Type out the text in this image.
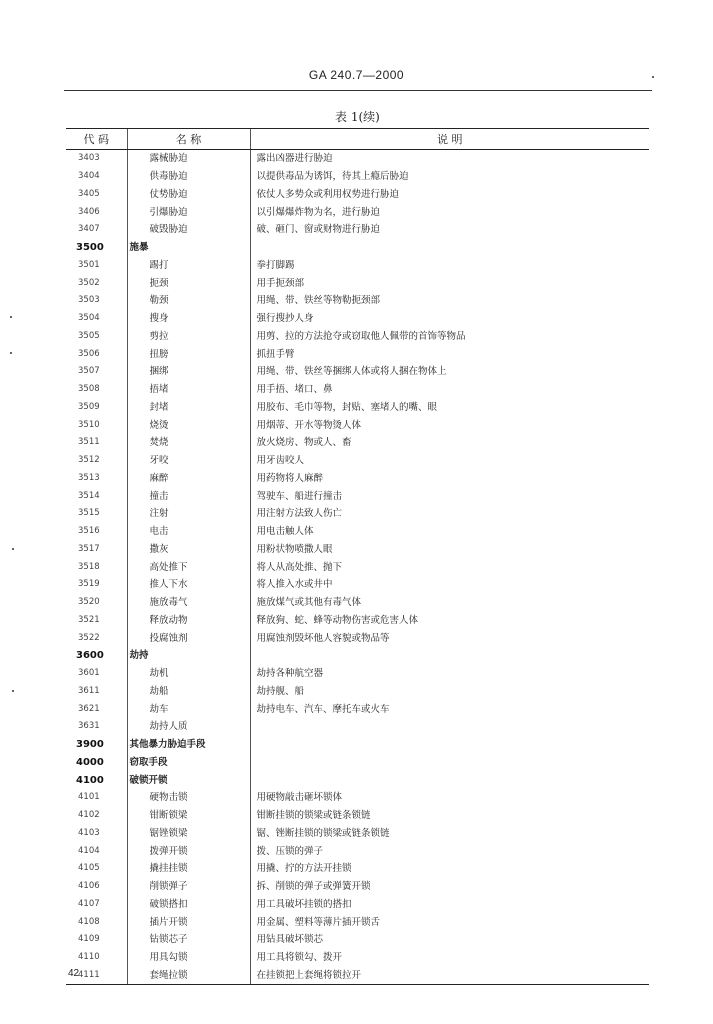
GA 240.7—2000
表 1(续)
代 码	名 称	说 明
3403	露械胁迫	露出凶器进行胁迫
3404	供毒胁迫	以提供毒品为诱饵，待其上瘾后胁迫
3405	仗势胁迫	依仗人多势众或利用权势进行胁迫
3406	引爆胁迫	以引爆爆炸物为名，进行胁迫
3407	破毁胁迫	破、砸门、窗或财物进行胁迫
3500	施暴	
3501	踢打	拳打脚踢
3502	扼颈	用手扼颈部
3503	勒颈	用绳、带、铁丝等物勒扼颈部
3504	搜身	强行搜抄人身
3505	剪拉	用剪、拉的方法抢夺或窃取他人佩带的首饰等物品
3506	扭膀	抓扭手臂
3507	捆绑	用绳、带、铁丝等捆绑人体或将人捆在物体上
3508	捂堵	用手捂、堵口、鼻
3509	封堵	用胶布、毛巾等物，封贴、塞堵人的嘴、眼
3510	烧烫	用烟蒂、开水等物烫人体
3511	焚烧	放火烧房、物或人、畜
3512	牙咬	用牙齿咬人
3513	麻醉	用药物将人麻醉
3514	撞击	驾驶车、船进行撞击
3515	注射	用注射方法致人伤亡
3516	电击	用电击触人体
3517	撒灰	用粉状物喷撒人眼
3518	高处推下	将人从高处推、抛下
3519	推人下水	将人推入水或井中
3520	施放毒气	施放煤气或其他有毒气体
3521	释放动物	释放狗、蛇、蜂等动物伤害或危害人体
3522	投腐蚀剂	用腐蚀剂毁坏他人容貌或物品等
3600	劫持	
3601	劫机	劫持各种航空器
3611	劫船	劫持舰、船
3621	劫车	劫持电车、汽车、摩托车或火车
3631	劫持人质	
3900	其他暴力胁迫手段	
4000	窃取手段	
4100	破锁开锁	
4101	硬物击锁	用硬物敲击砸坏锁体
4102	钳断锁梁	钳断挂锁的锁梁或链条锁链
4103	锯锉锁梁	锯、锉断挂锁的锁梁或链条锁链
4104	拨弹开锁	拨、压锁的弹子
4105	撬挂挂锁	用撬、拧的方法开挂锁
4106	削锁弹子	拆、削锁的弹子或弹簧开锁
4107	破锁搭扣	用工具破坏挂锁的搭扣
4108	插片开锁	用金属、塑料等薄片插开锁舌
4109	钻锁芯子	用钻具破坏锁芯
4110	用具勾锁	用工具将锁勾、拨开
4111	套绳拉锁	在挂锁把上套绳将锁拉开
42
